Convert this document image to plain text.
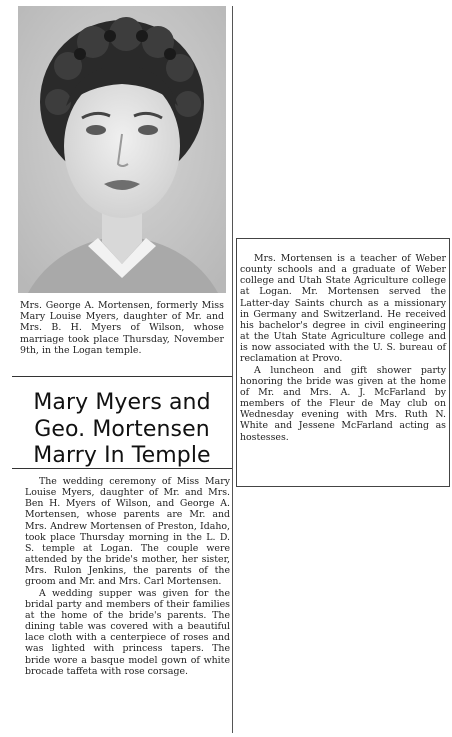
Mrs. George A. Mortensen, formerly Miss Mary Louise Myers, daughter of Mr. and Mrs. B. H. Myers of Wilson, whose marriage took place Thursday, November 9th, in the Logan temple.
Mary Myers and
Geo. Mortensen
Marry In Temple

The wedding ceremony of Miss Mary Louise Myers, daughter of Mr. and Mrs. Ben H. Myers of Wilson, and George A. Mortensen, whose parents are Mr. and Mrs. Andrew Mortensen of Preston, Idaho, took place Thursday morning in the L. D. S. temple at Logan. The couple were attended by the bride's mother, her sister, Mrs. Rulon Jenkins, the parents of the groom and Mr. and Mrs. Carl Mortensen.

A wedding supper was given for the bridal party and members of their families at the home of the bride's parents. The dining table was covered with a beautiful lace cloth with a centerpiece of roses and was lighted with princess tapers. The bride wore a basque model gown of white brocade taffeta with rose corsage.

Mrs. Mortensen is a teacher of Weber county schools and a graduate of Weber college and Utah State Agriculture college at Logan. Mr. Mortensen served the Latter-day Saints church as a missionary in Germany and Switzerland. He received his bachelor's degree in civil engineering at the Utah State Agriculture college and is now associated with the U. S. bureau of reclamation at Provo.

A luncheon and gift shower party honoring the bride was given at the home of Mr. and Mrs. A. J. McFarland by members of the Fleur de May club on Wednesday evening with Mrs. Ruth N. White and Jessene McFarland acting as hostesses.
